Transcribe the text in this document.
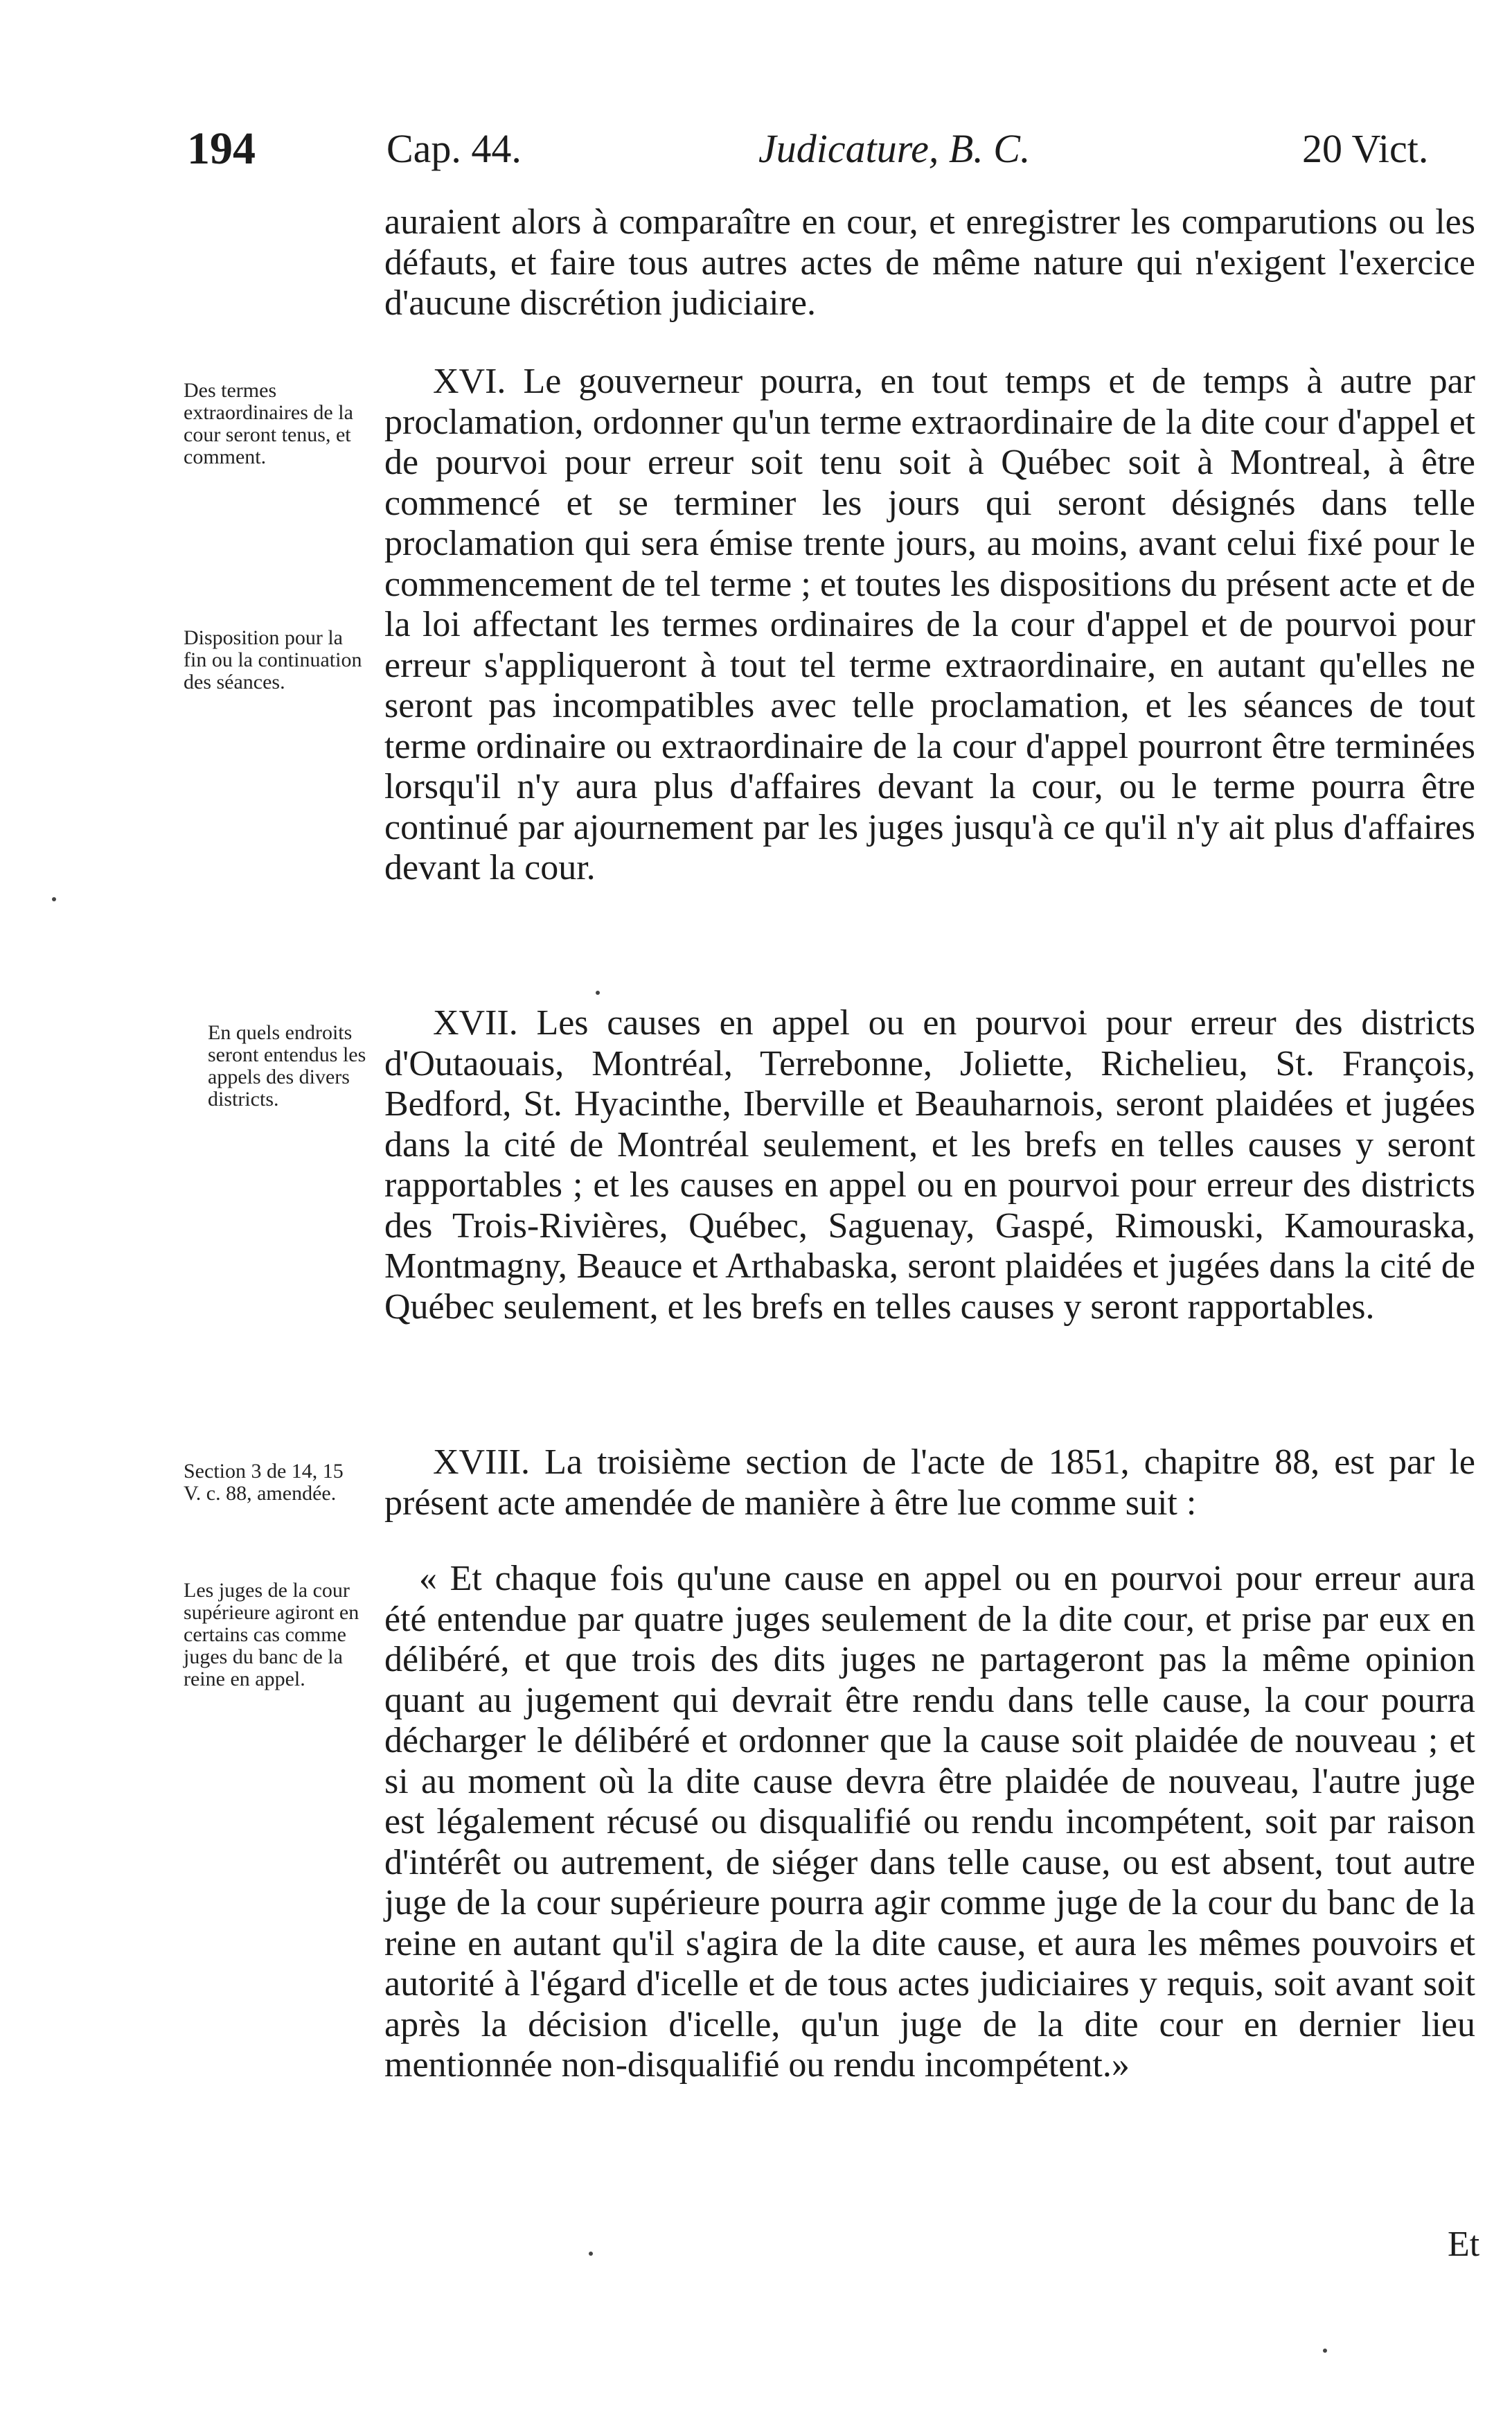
194	Cap. 44.	Judicature, B. C.	20 Vict.

auraient alors à comparaître en cour, et enregistrer les comparutions ou les défauts, et faire tous autres actes de même nature qui n'exigent l'exercice d'aucune discrétion judiciaire.

XVI. Le gouverneur pourra, en tout temps et de temps à autre par proclamation, ordonner qu'un terme extraordinaire de la dite cour d'appel et de pourvoi pour erreur soit tenu soit à Québec soit à Montreal, à être commencé et se terminer les jours qui seront désignés dans telle proclamation qui sera émise trente jours, au moins, avant celui fixé pour le commencement de tel terme ; et toutes les dispositions du présent acte et de la loi affectant les termes ordinaires de la cour d'appel et de pourvoi pour erreur s'appliqueront à tout tel terme extraordinaire, en autant qu'elles ne seront pas incompatibles avec telle proclamation, et les séances de tout terme ordinaire ou extraordinaire de la cour d'appel pourront être terminées lorsqu'il n'y aura plus d'affaires devant la cour, ou le terme pourra être continué par ajournement par les juges jusqu'à ce qu'il n'y ait plus d'affaires devant la cour.

XVII. Les causes en appel ou en pourvoi pour erreur des districts d'Outaouais, Montréal, Terrebonne, Joliette, Richelieu, St. François, Bedford, St. Hyacinthe, Iberville et Beauharnois, seront plaidées et jugées dans la cité de Montréal seulement, et les brefs en telles causes y seront rapportables ; et les causes en appel ou en pourvoi pour erreur des districts des Trois-Rivières, Québec, Saguenay, Gaspé, Rimouski, Kamouraska, Montmagny, Beauce et Arthabaska, seront plaidées et jugées dans la cité de Québec seulement, et les brefs en telles causes y seront rapportables.

XVIII. La troisième section de l'acte de 1851, chapitre 88, est par le présent acte amendée de manière à être lue comme suit :

« Et chaque fois qu'une cause en appel ou en pourvoi pour erreur aura été entendue par quatre juges seulement de la dite cour, et prise par eux en délibéré, et que trois des dits juges ne partageront pas la même opinion quant au jugement qui devrait être rendu dans telle cause, la cour pourra décharger le délibéré et ordonner que la cause soit plaidée de nouveau ; et si au moment où la dite cause devra être plaidée de nouveau, l'autre juge est légalement récusé ou disqualifié ou rendu incompétent, soit par raison d'intérêt ou autrement, de siéger dans telle cause, ou est absent, tout autre juge de la cour supérieure pourra agir comme juge de la cour du banc de la reine en autant qu'il s'agira de la dite cause, et aura les mêmes pouvoirs et autorité à l'égard d'icelle et de tous actes judiciaires y requis, soit avant soit après la décision d'icelle, qu'un juge de la dite cour en dernier lieu mentionnée non-disqualifié ou rendu incompétent.»

Des termes extraordinaires de la cour seront tenus, et comment.

Disposition pour la fin ou la continuation des séances.

En quels endroits seront entendus les appels des divers districts.

Section 3 de 14, 15 V. c. 88, amendée.

Les juges de la cour supérieure agiront en certains cas comme juges du banc de la reine en appel.

Et
